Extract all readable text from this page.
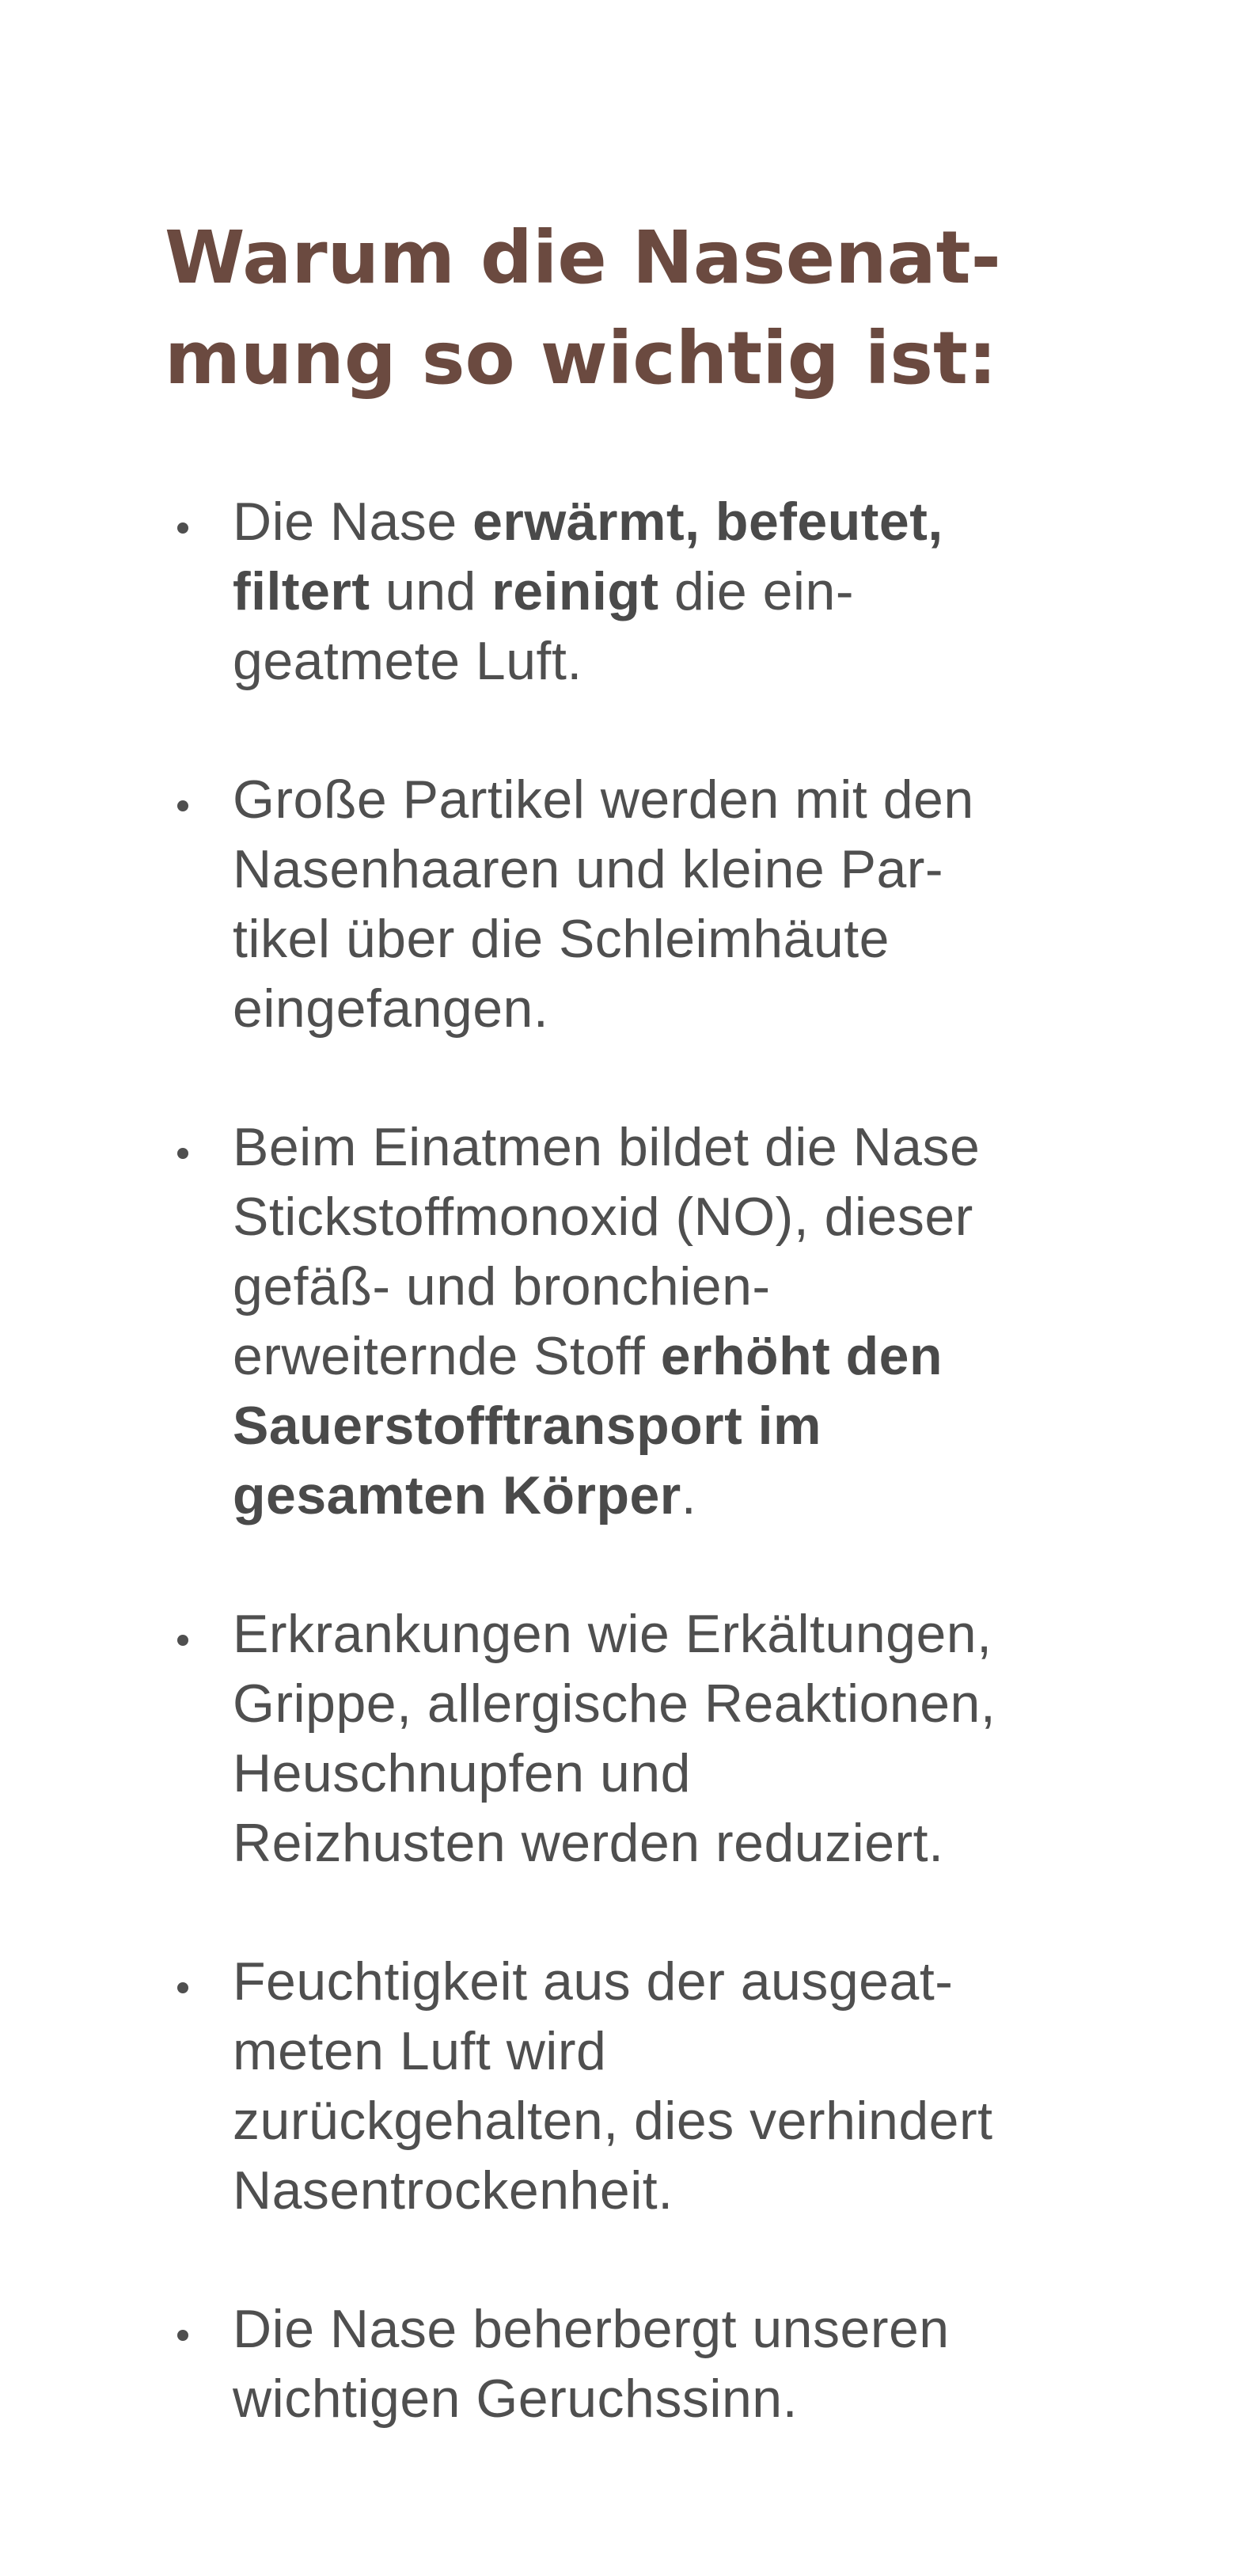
Warum die Nasenat-
mung so wichtig ist:
Die Nase erwärmt, befeutet,
filtert und reinigt die ein-
geatmete Luft.
Große Partikel werden mit den
Nasenhaaren und kleine Par-
tikel über die Schleimhäute
eingefangen.
Beim Einatmen bildet die Nase
Stickstoffmonoxid (NO), dieser
gefäß- und bronchien-
erweiternde Stoff erhöht den
Sauerstofftransport im
gesamten Körper.
Erkrankungen wie Erkältungen,
Grippe, allergische Reaktionen,
Heuschnupfen und
Reizhusten werden reduziert.
Feuchtigkeit aus der ausgeat-
meten Luft wird
zurückgehalten, dies verhindert
Nasentrockenheit.
Die Nase beherbergt unseren
wichtigen Geruchssinn.
